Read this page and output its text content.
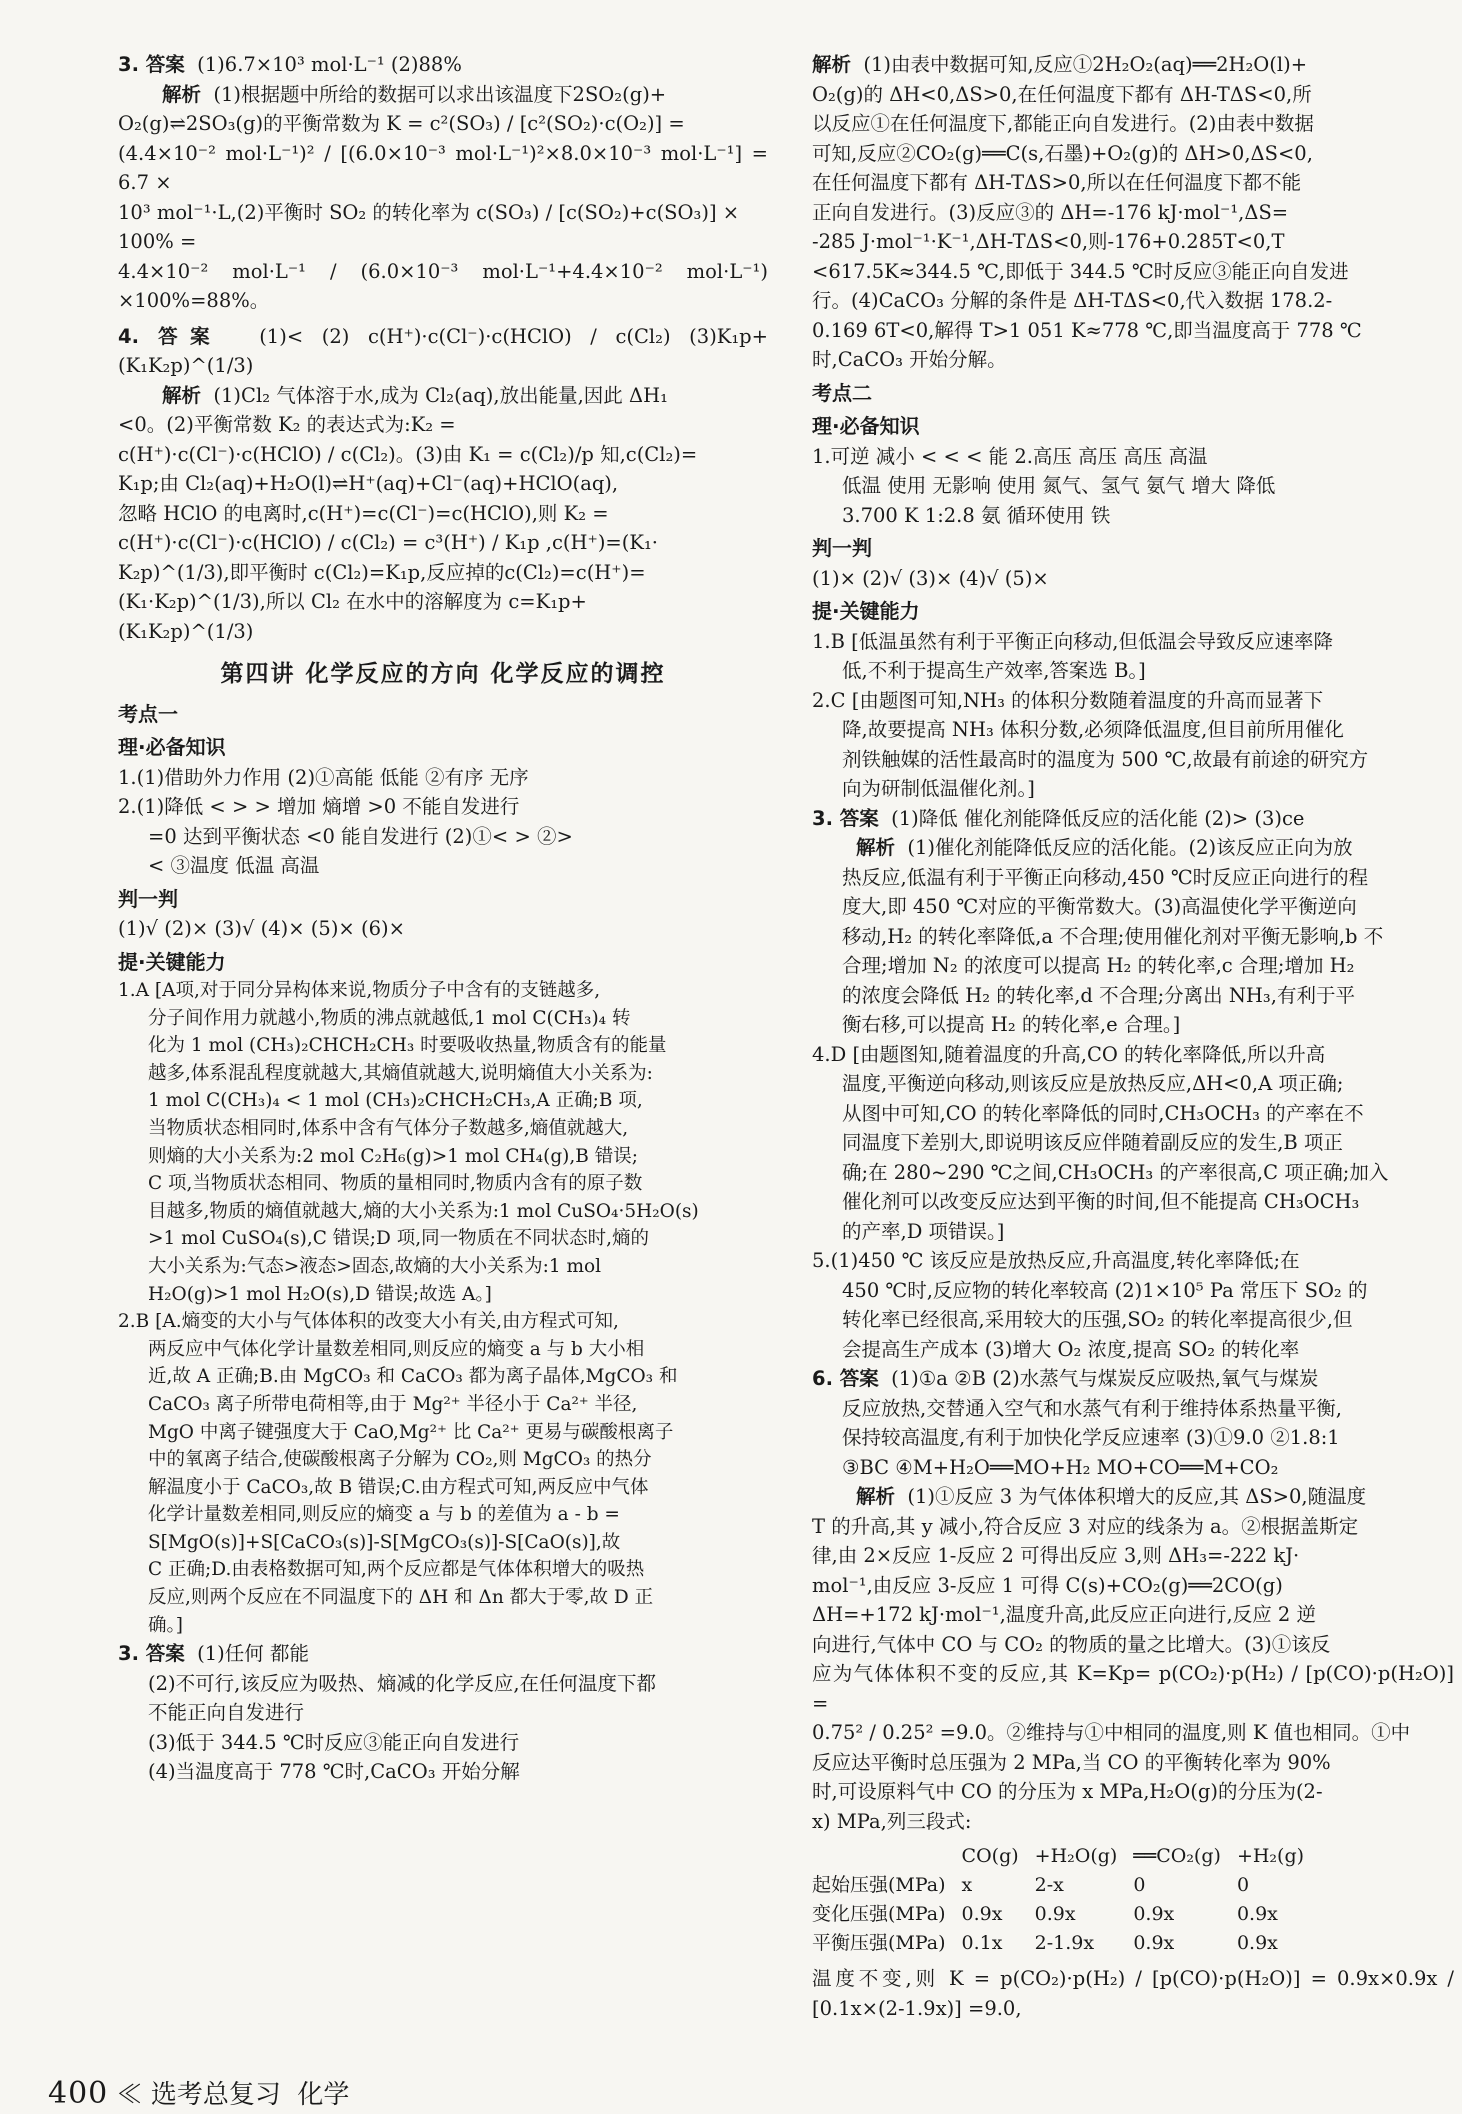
3. 答案 (1)6.7×10³ mol·L⁻¹ (2)88%

解析 (1)根据题中所给的数据可以求出该温度下2SO₂(g)+

O₂(g)⇌2SO₃(g)的平衡常数为 K = c²(SO₃) / [c²(SO₂)·c(O₂)] =

(4.4×10⁻² mol·L⁻¹)² / [(6.0×10⁻³ mol·L⁻¹)²×8.0×10⁻³ mol·L⁻¹] = 6.7 ×

10³ mol⁻¹·L,(2)平衡时 SO₂ 的转化率为 c(SO₃) / [c(SO₂)+c(SO₃)] ×

100% =

4.4×10⁻² mol·L⁻¹ / (6.0×10⁻³ mol·L⁻¹+4.4×10⁻² mol·L⁻¹) ×100%=88%。

4. 答案 (1)< (2) c(H⁺)·c(Cl⁻)·c(HClO) / c(Cl₂) (3)K₁p+(K₁K₂p)^(1/3)

解析 (1)Cl₂ 气体溶于水,成为 Cl₂(aq),放出能量,因此 ΔH₁

<0。(2)平衡常数 K₂ 的表达式为:K₂ =

c(H⁺)·c(Cl⁻)·c(HClO) / c(Cl₂)。(3)由 K₁ = c(Cl₂)/p 知,c(Cl₂)=

K₁p;由 Cl₂(aq)+H₂O(l)⇌H⁺(aq)+Cl⁻(aq)+HClO(aq),

忽略 HClO 的电离时,c(H⁺)=c(Cl⁻)=c(HClO),则 K₂ =

c(H⁺)·c(Cl⁻)·c(HClO) / c(Cl₂) = c³(H⁺) / K₁p ,c(H⁺)=(K₁·

K₂p)^(1/3),即平衡时 c(Cl₂)=K₁p,反应掉的c(Cl₂)=c(H⁺)=

(K₁·K₂p)^(1/3),所以 Cl₂ 在水中的溶解度为 c=K₁p+

(K₁K₂p)^(1/3)

第四讲 化学反应的方向 化学反应的调控

考点一

理·必备知识

1.(1)借助外力作用 (2)①高能 低能 ②有序 无序

2.(1)降低 < > > 增加 熵增 >0 不能自发进行

=0 达到平衡状态 <0 能自发进行 (2)①< > ②>

< ③温度 低温 高温

判一判

(1)√ (2)× (3)√ (4)× (5)× (6)×

提·关键能力

1.A [A项,对于同分异构体来说,物质分子中含有的支链越多,

分子间作用力就越小,物质的沸点就越低,1 mol C(CH₃)₄ 转

化为 1 mol (CH₃)₂CHCH₂CH₃ 时要吸收热量,物质含有的能量

越多,体系混乱程度就越大,其熵值就越大,说明熵值大小关系为:

1 mol C(CH₃)₄ < 1 mol (CH₃)₂CHCH₂CH₃,A 正确;B 项,

当物质状态相同时,体系中含有气体分子数越多,熵值就越大,

则熵的大小关系为:2 mol C₂H₆(g)>1 mol CH₄(g),B 错误;

C 项,当物质状态相同、物质的量相同时,物质内含有的原子数

目越多,物质的熵值就越大,熵的大小关系为:1 mol CuSO₄·5H₂O(s)

>1 mol CuSO₄(s),C 错误;D 项,同一物质在不同状态时,熵的

大小关系为:气态>液态>固态,故熵的大小关系为:1 mol

H₂O(g)>1 mol H₂O(s),D 错误;故选 A。]

2.B [A.熵变的大小与气体体积的改变大小有关,由方程式可知,

两反应中气体化学计量数差相同,则反应的熵变 a 与 b 大小相

近,故 A 正确;B.由 MgCO₃ 和 CaCO₃ 都为离子晶体,MgCO₃ 和

CaCO₃ 离子所带电荷相等,由于 Mg²⁺ 半径小于 Ca²⁺ 半径,

MgO 中离子键强度大于 CaO,Mg²⁺ 比 Ca²⁺ 更易与碳酸根离子

中的氧离子结合,使碳酸根离子分解为 CO₂,则 MgCO₃ 的热分

解温度小于 CaCO₃,故 B 错误;C.由方程式可知,两反应中气体

化学计量数差相同,则反应的熵变 a 与 b 的差值为 a - b =

S[MgO(s)]+S[CaCO₃(s)]-S[MgCO₃(s)]-S[CaO(s)],故

C 正确;D.由表格数据可知,两个反应都是气体体积增大的吸热

反应,则两个反应在不同温度下的 ΔH 和 Δn 都大于零,故 D 正

确。]

3. 答案 (1)任何 都能

(2)不可行,该反应为吸热、熵减的化学反应,在任何温度下都

不能正向自发进行

(3)低于 344.5 ℃时反应③能正向自发进行

(4)当温度高于 778 ℃时,CaCO₃ 开始分解

解析 (1)由表中数据可知,反应①2H₂O₂(aq)══2H₂O(l)+

O₂(g)的 ΔH<0,ΔS>0,在任何温度下都有 ΔH-TΔS<0,所

以反应①在任何温度下,都能正向自发进行。(2)由表中数据

可知,反应②CO₂(g)══C(s,石墨)+O₂(g)的 ΔH>0,ΔS<0,

在任何温度下都有 ΔH-TΔS>0,所以在任何温度下都不能

正向自发进行。(3)反应③的 ΔH=-176 kJ·mol⁻¹,ΔS=

-285 J·mol⁻¹·K⁻¹,ΔH-TΔS<0,则-176+0.285T<0,T

<617.5K≈344.5 ℃,即低于 344.5 ℃时反应③能正向自发进

行。(4)CaCO₃ 分解的条件是 ΔH-TΔS<0,代入数据 178.2-

0.169 6T<0,解得 T>1 051 K≈778 ℃,即当温度高于 778 ℃

时,CaCO₃ 开始分解。

考点二

理·必备知识

1.可逆 减小 < < < 能 2.高压 高压 高压 高温

低温 使用 无影响 使用 氮气、氢气 氨气 增大 降低

3.700 K 1:2.8 氨 循环使用 铁

判一判

(1)× (2)√ (3)× (4)√ (5)×

提·关键能力

1.B [低温虽然有利于平衡正向移动,但低温会导致反应速率降

低,不利于提高生产效率,答案选 B。]

2.C [由题图可知,NH₃ 的体积分数随着温度的升高而显著下

降,故要提高 NH₃ 体积分数,必须降低温度,但目前所用催化

剂铁触媒的活性最高时的温度为 500 ℃,故最有前途的研究方

向为研制低温催化剂。]

3. 答案 (1)降低 催化剂能降低反应的活化能 (2)> (3)ce

解析 (1)催化剂能降低反应的活化能。(2)该反应正向为放

热反应,低温有利于平衡正向移动,450 ℃时反应正向进行的程

度大,即 450 ℃对应的平衡常数大。(3)高温使化学平衡逆向

移动,H₂ 的转化率降低,a 不合理;使用催化剂对平衡无影响,b 不

合理;增加 N₂ 的浓度可以提高 H₂ 的转化率,c 合理;增加 H₂

的浓度会降低 H₂ 的转化率,d 不合理;分离出 NH₃,有利于平

衡右移,可以提高 H₂ 的转化率,e 合理。]

4.D [由题图知,随着温度的升高,CO 的转化率降低,所以升高

温度,平衡逆向移动,则该反应是放热反应,ΔH<0,A 项正确;

从图中可知,CO 的转化率降低的同时,CH₃OCH₃ 的产率在不

同温度下差别大,即说明该反应伴随着副反应的发生,B 项正

确;在 280~290 ℃之间,CH₃OCH₃ 的产率很高,C 项正确;加入

催化剂可以改变反应达到平衡的时间,但不能提高 CH₃OCH₃

的产率,D 项错误。]

5.(1)450 ℃ 该反应是放热反应,升高温度,转化率降低;在

450 ℃时,反应物的转化率较高 (2)1×10⁵ Pa 常压下 SO₂ 的

转化率已经很高,采用较大的压强,SO₂ 的转化率提高很少,但

会提高生产成本 (3)增大 O₂ 浓度,提高 SO₂ 的转化率

6. 答案 (1)①a ②B (2)水蒸气与煤炭反应吸热,氧气与煤炭

反应放热,交替通入空气和水蒸气有利于维持体系热量平衡,

保持较高温度,有利于加快化学反应速率 (3)①9.0 ②1.8:1

③BC ④M+H₂O══MO+H₂ MO+CO══M+CO₂

解析 (1)①反应 3 为气体体积增大的反应,其 ΔS>0,随温度

T 的升高,其 y 减小,符合反应 3 对应的线条为 a。②根据盖斯定

律,由 2×反应 1-反应 2 可得出反应 3,则 ΔH₃=-222 kJ·

mol⁻¹,由反应 3-反应 1 可得 C(s)+CO₂(g)══2CO(g)

ΔH=+172 kJ·mol⁻¹,温度升高,此反应正向进行,反应 2 逆

向进行,气体中 CO 与 CO₂ 的物质的量之比增大。(3)①该反

应为气体体积不变的反应,其 K=Kp= p(CO₂)·p(H₂) / [p(CO)·p(H₂O)] =

0.75² / 0.25² =9.0。②维持与①中相同的温度,则 K 值也相同。①中

反应达平衡时总压强为 2 MPa,当 CO 的平衡转化率为 90%

时,可设原料气中 CO 的分压为 x MPa,H₂O(g)的分压为(2-

x) MPa,列三段式:

	CO(g)	+H₂O(g)	══CO₂(g)	+H₂(g)
起始压强(MPa)	x	2-x	0	0
变化压强(MPa)	0.9x	0.9x	0.9x	0.9x
平衡压强(MPa)	0.1x	2-1.9x	0.9x	0.9x

温度不变,则 K = p(CO₂)·p(H₂) / [p(CO)·p(H₂O)] = 0.9x×0.9x / [0.1x×(2-1.9x)] =9.0,

400 ≪ 选考总复习 化学
